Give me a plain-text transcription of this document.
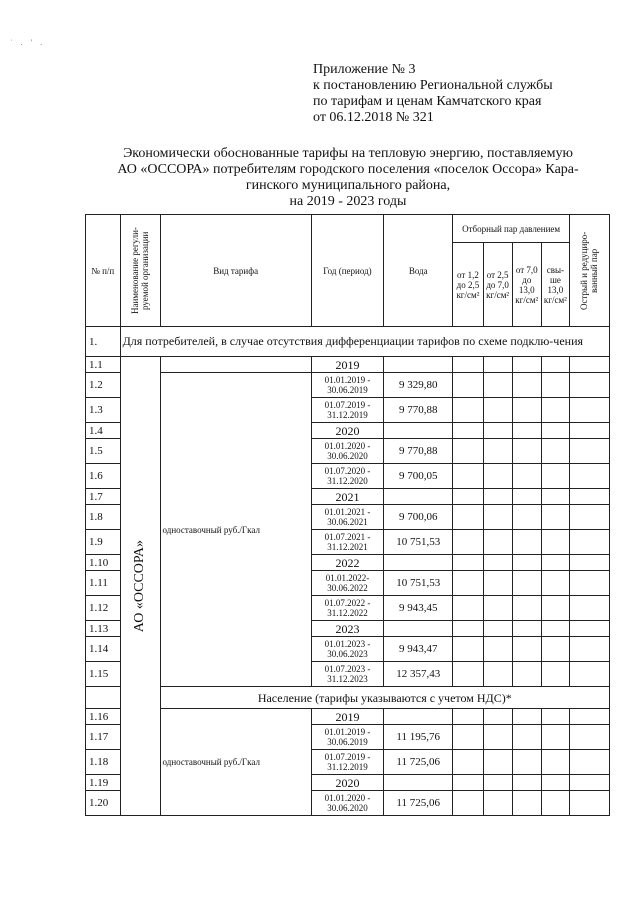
˙ . ' .
Приложение № 3
к постановлению Региональной службы
по тарифам и ценам Камчатского края
от 06.12.2018 № 321
Экономически обоснованные тарифы на тепловую энергию, поставляемую
АО «ОССОРА» потребителям городского поселения «поселок Оссора» Кара-
гинского муниципального района,
на 2019 - 2023 годы
№ п/п	Наименование регули-руемой организации	Вид тарифа	Год (период)	Вода	Отборный пар давлением				Острый и редуциро-ванный пар

					от 1,2 до 2,5 кг/см²	от 2,5 до 7,0 кг/см²	от 7,0 до 13,0 кг/см²	свы-ше 13,0 кг/см²	
1.	Для потребителей, в случае отсутствия дифференциации тарифов по схеме подклю-чения								
1.1	АО «ОССОРА»		2019						
1.2		одноставочный руб./Гкал	01.01.2019 - 30.06.2019	9 329,80					
1.3			01.07.2019 - 31.12.2019	9 770,88					
1.4			2020						
1.5			01.01.2020 - 30.06.2020	9 770,88					
1.6			01.07.2020 - 31.12.2020	9 700,05					
1.7			2021						
1.8			01.01.2021 - 30.06.2021	9 700,06					
1.9			01.07.2021 - 31.12.2021	10 751,53					
1.10			2022						
1.11			01.01.2022- 30.06.2022	10 751,53					
1.12			01.07.2022 - 31.12.2022	9 943,45					
1.13			2023						
1.14			01.01.2023 - 30.06.2023	9 943,47					
1.15			01.07.2023 - 31.12.2023	12 357,43					
		Население (тарифы указываются с учетом НДС)*							
1.16		одноставочный руб./Гкал	2019						
1.17			01.01.2019 - 30.06.2019	11 195,76					
1.18			01.07.2019 - 31.12.2019	11 725,06					
1.19			2020						
1.20			01.01.2020 - 30.06.2020	11 725,06					
